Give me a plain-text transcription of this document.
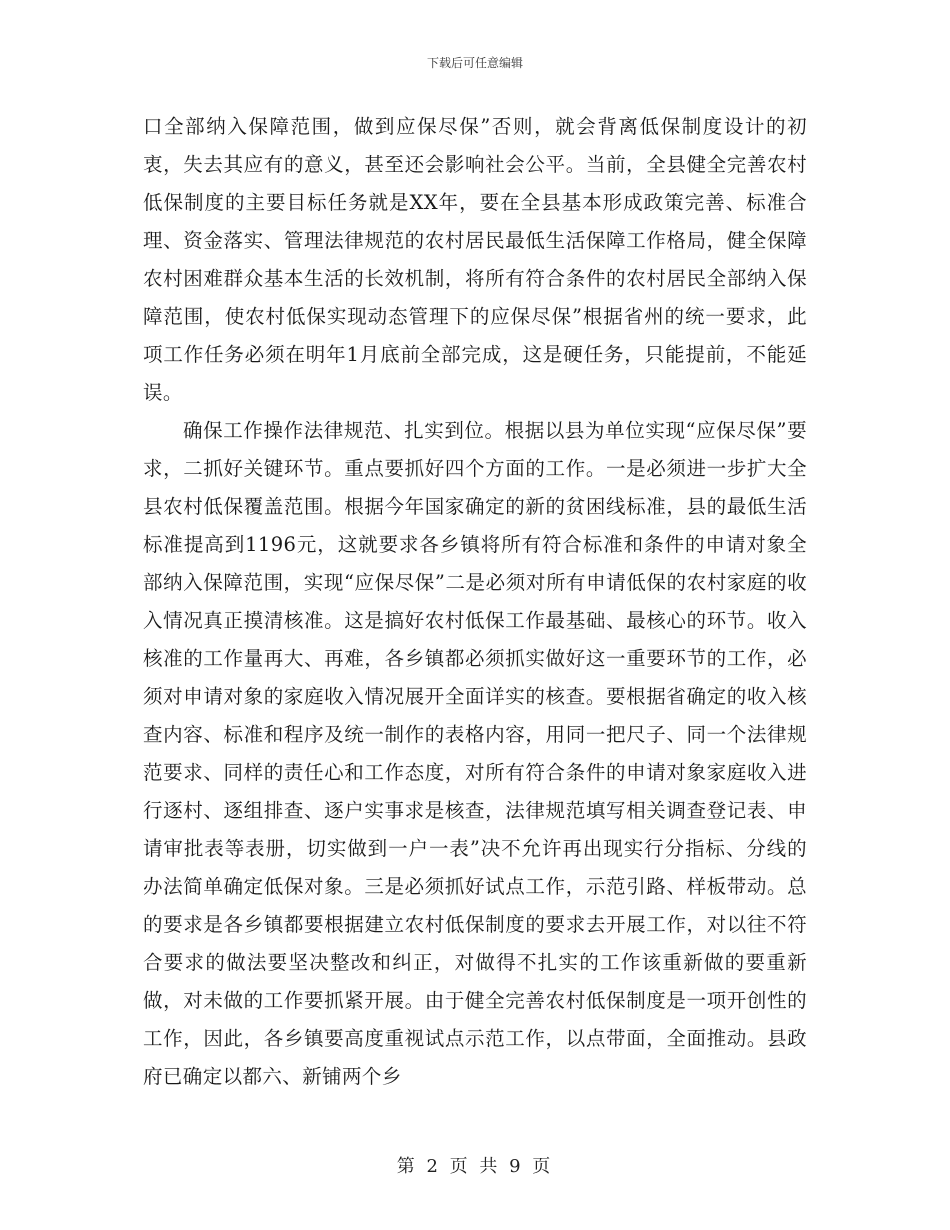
下载后可任意编辑

口全部纳入保障范围，做到应保尽保”否则，就会背离低保制度设计的初衷，失去其应有的意义，甚至还会影响社会公平。当前，全县健全完善农村低保制度的主要目标任务就是XX年，要在全县基本形成政策完善、标准合理、资金落实、管理法律规范的农村居民最低生活保障工作格局，健全保障农村困难群众基本生活的长效机制，将所有符合条件的农村居民全部纳入保障范围，使农村低保实现动态管理下的应保尽保”根据省州的统一要求，此项工作任务必须在明年1月底前全部完成，这是硬任务，只能提前，不能延误。

确保工作操作法律规范、扎实到位。根据以县为单位实现“应保尽保”要求，二抓好关键环节。重点要抓好四个方面的工作。一是必须进一步扩大全县农村低保覆盖范围。根据今年国家确定的新的贫困线标准，县的最低生活标准提高到1196元，这就要求各乡镇将所有符合标准和条件的申请对象全部纳入保障范围，实现“应保尽保”二是必须对所有申请低保的农村家庭的收入情况真正摸清核准。这是搞好农村低保工作最基础、最核心的环节。收入核准的工作量再大、再难，各乡镇都必须抓实做好这一重要环节的工作，必须对申请对象的家庭收入情况展开全面详实的核查。要根据省确定的收入核查内容、标准和程序及统一制作的表格内容，用同一把尺子、同一个法律规范要求、同样的责任心和工作态度，对所有符合条件的申请对象家庭收入进行逐村、逐组排查、逐户实事求是核查，法律规范填写相关调查登记表、申请审批表等表册，切实做到一户一表”决不允许再出现实行分指标、分线的办法简单确定低保对象。三是必须抓好试点工作，示范引路、样板带动。总的要求是各乡镇都要根据建立农村低保制度的要求去开展工作，对以往不符合要求的做法要坚决整改和纠正，对做得不扎实的工作该重新做的要重新做，对未做的工作要抓紧开展。由于健全完善农村低保制度是一项开创性的工作，因此，各乡镇要高度重视试点示范工作，以点带面，全面推动。县政府已确定以都六、新铺两个乡

第 2 页 共 9 页
